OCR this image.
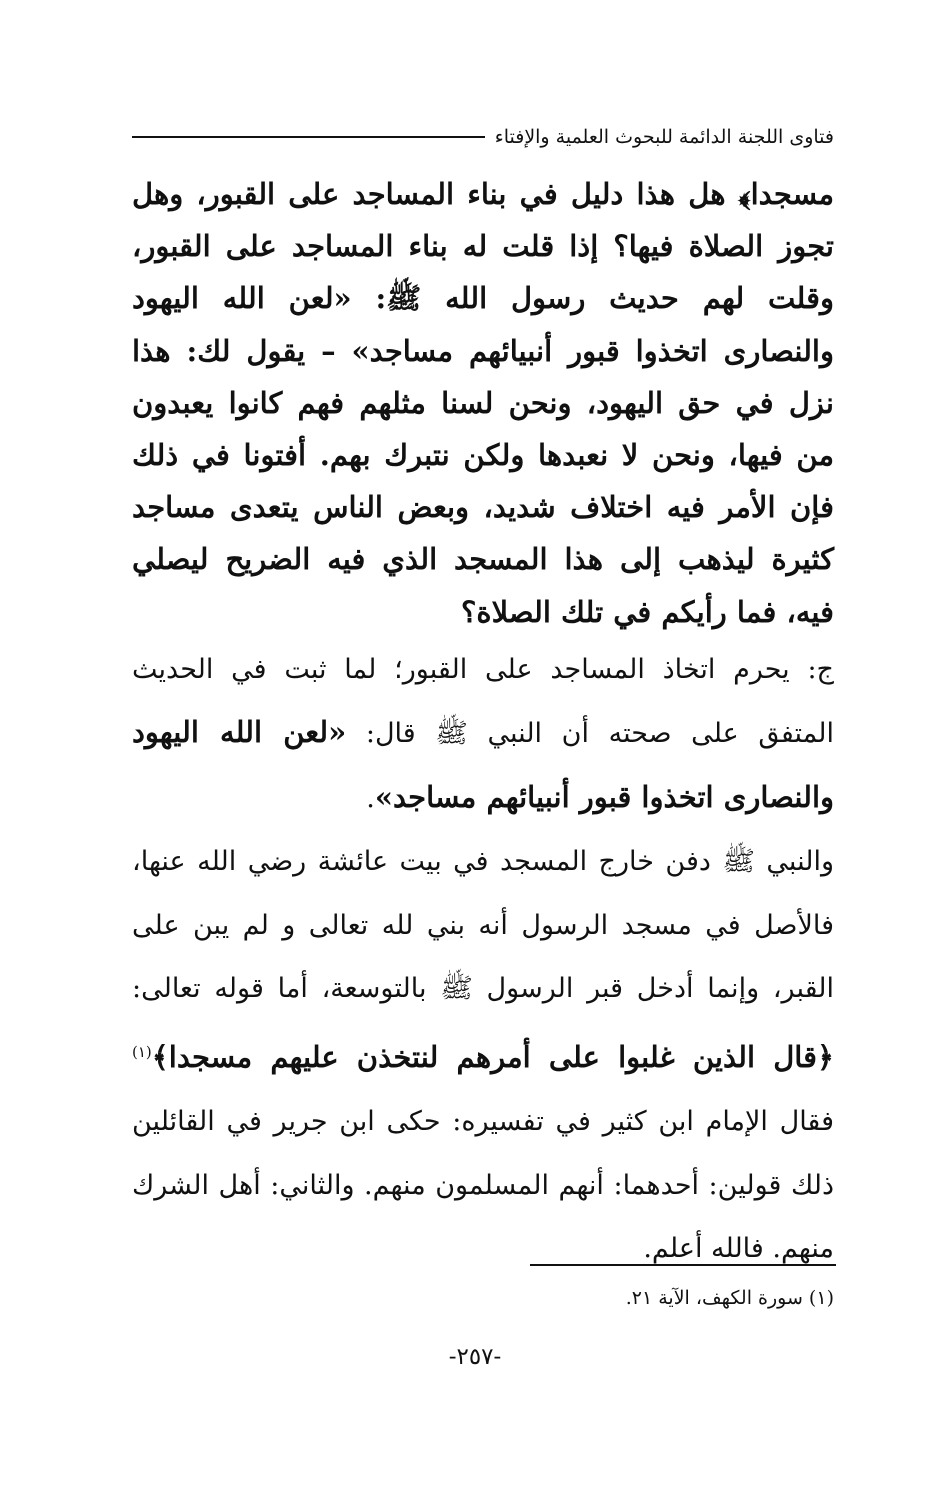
فتاوى اللجنة الدائمة للبحوث العلمية والإفتاء

مسجدا﴾ هل هذا دليل في بناء المساجد على القبور، وهل تجوز الصلاة فيها؟ إذا قلت له بناء المساجد على القبور، وقلت لهم حديث رسول الله ﷺ: «لعن الله اليهود والنصارى اتخذوا قبور أنبيائهم مساجد» – يقول لك: هذا نزل في حق اليهود، ونحن لسنا مثلهم فهم كانوا يعبدون من فيها، ونحن لا نعبدها ولكن نتبرك بهم. أفتونا في ذلك فإن الأمر فيه اختلاف شديد، وبعض الناس يتعدى مساجد كثيرة ليذهب إلى هذا المسجد الذي فيه الضريح ليصلي فيه، فما رأيكم في تلك الصلاة؟

ج: يحرم اتخاذ المساجد على القبور؛ لما ثبت في الحديث المتفق على صحته أن النبي ﷺ قال: «لعن الله اليهود والنصارى اتخذوا قبور أنبيائهم مساجد».

والنبي ﷺ دفن خارج المسجد في بيت عائشة رضي الله عنها، فالأصل في مسجد الرسول أنه بني لله تعالى و لم يبن على القبر، وإنما أدخل قبر الرسول ﷺ بالتوسعة، أما قوله تعالى: ﴿قال الذين غلبوا على أمرهم لنتخذن عليهم مسجدا﴾$^{(١)}$ فقال الإمام ابن كثير في تفسيره: حكى ابن جرير في القائلين ذلك قولين: أحدهما: أنهم المسلمون منهم. والثاني: أهل الشرك منهم. فالله أعلم.

(١) سورة الكهف، الآية ٢١.
-٢٥٧-
